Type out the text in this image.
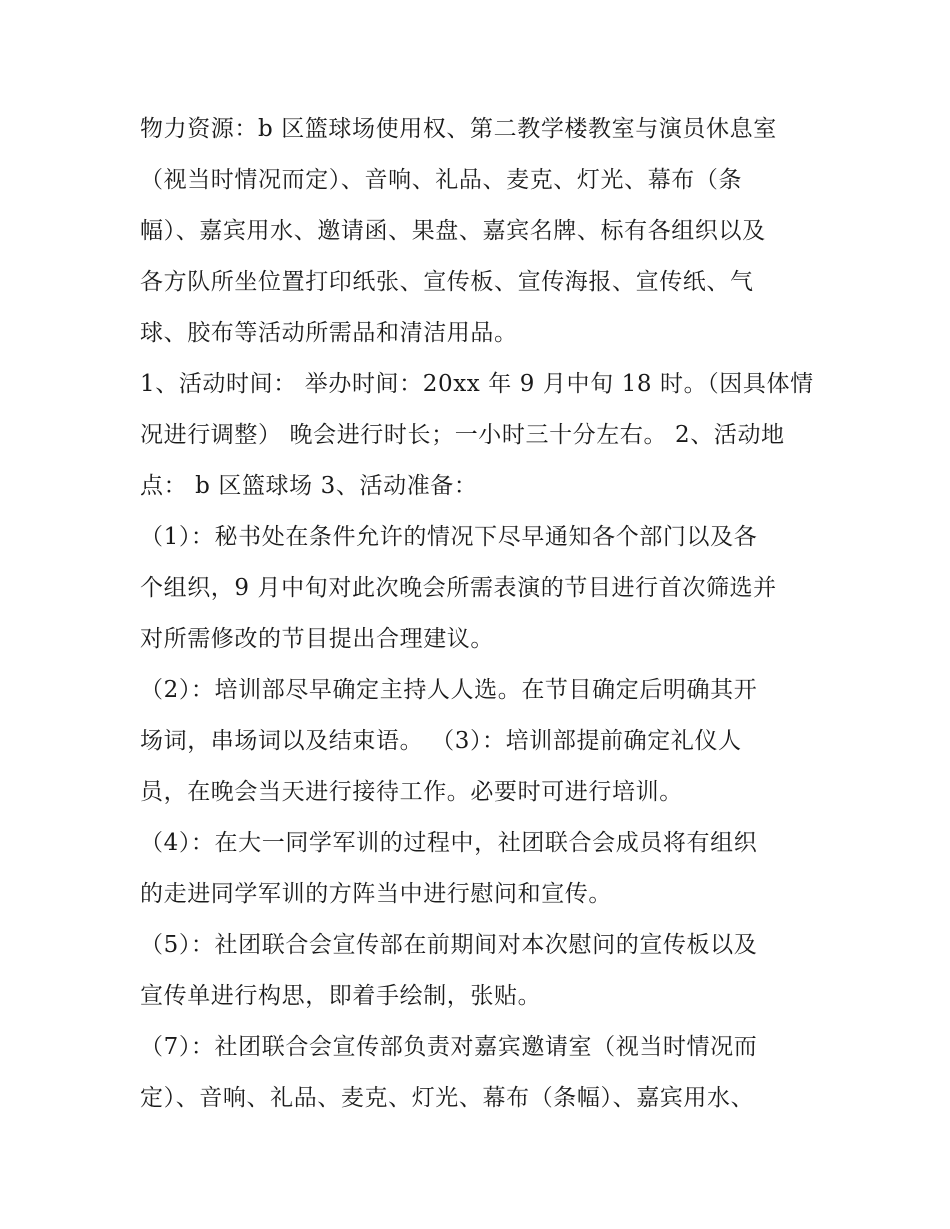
物力资源：b 区篮球场使用权、第二教学楼教室与演员休息室
（视当时情况而定）、音响、礼品、麦克、灯光、幕布（条
幅）、嘉宾用水、邀请函、果盘、嘉宾名牌、标有各组织以及
各方队所坐位置打印纸张、宣传板、宣传海报、宣传纸、气
球、胶布等活动所需品和清洁用品。
1、活动时间： 举办时间：20xx 年 9 月中旬 18 时。（因具体情
况进行调整） 晚会进行时长；一小时三十分左右。 2、活动地
点： b 区篮球场 3、活动准备：
（1）：秘书处在条件允许的情况下尽早通知各个部门以及各
个组织，9 月中旬对此次晚会所需表演的节目进行首次筛选并
对所需修改的节目提出合理建议。
（2）：培训部尽早确定主持人人选。在节目确定后明确其开
场词，串场词以及结束语。 （3）：培训部提前确定礼仪人
员，在晚会当天进行接待工作。必要时可进行培训。
（4）：在大一同学军训的过程中，社团联合会成员将有组织
的走进同学军训的方阵当中进行慰问和宣传。
（5）：社团联合会宣传部在前期间对本次慰问的宣传板以及
宣传单进行构思，即着手绘制，张贴。
（7）：社团联合会宣传部负责对嘉宾邀请室（视当时情况而
定）、音响、礼品、麦克、灯光、幕布（条幅）、嘉宾用水、
